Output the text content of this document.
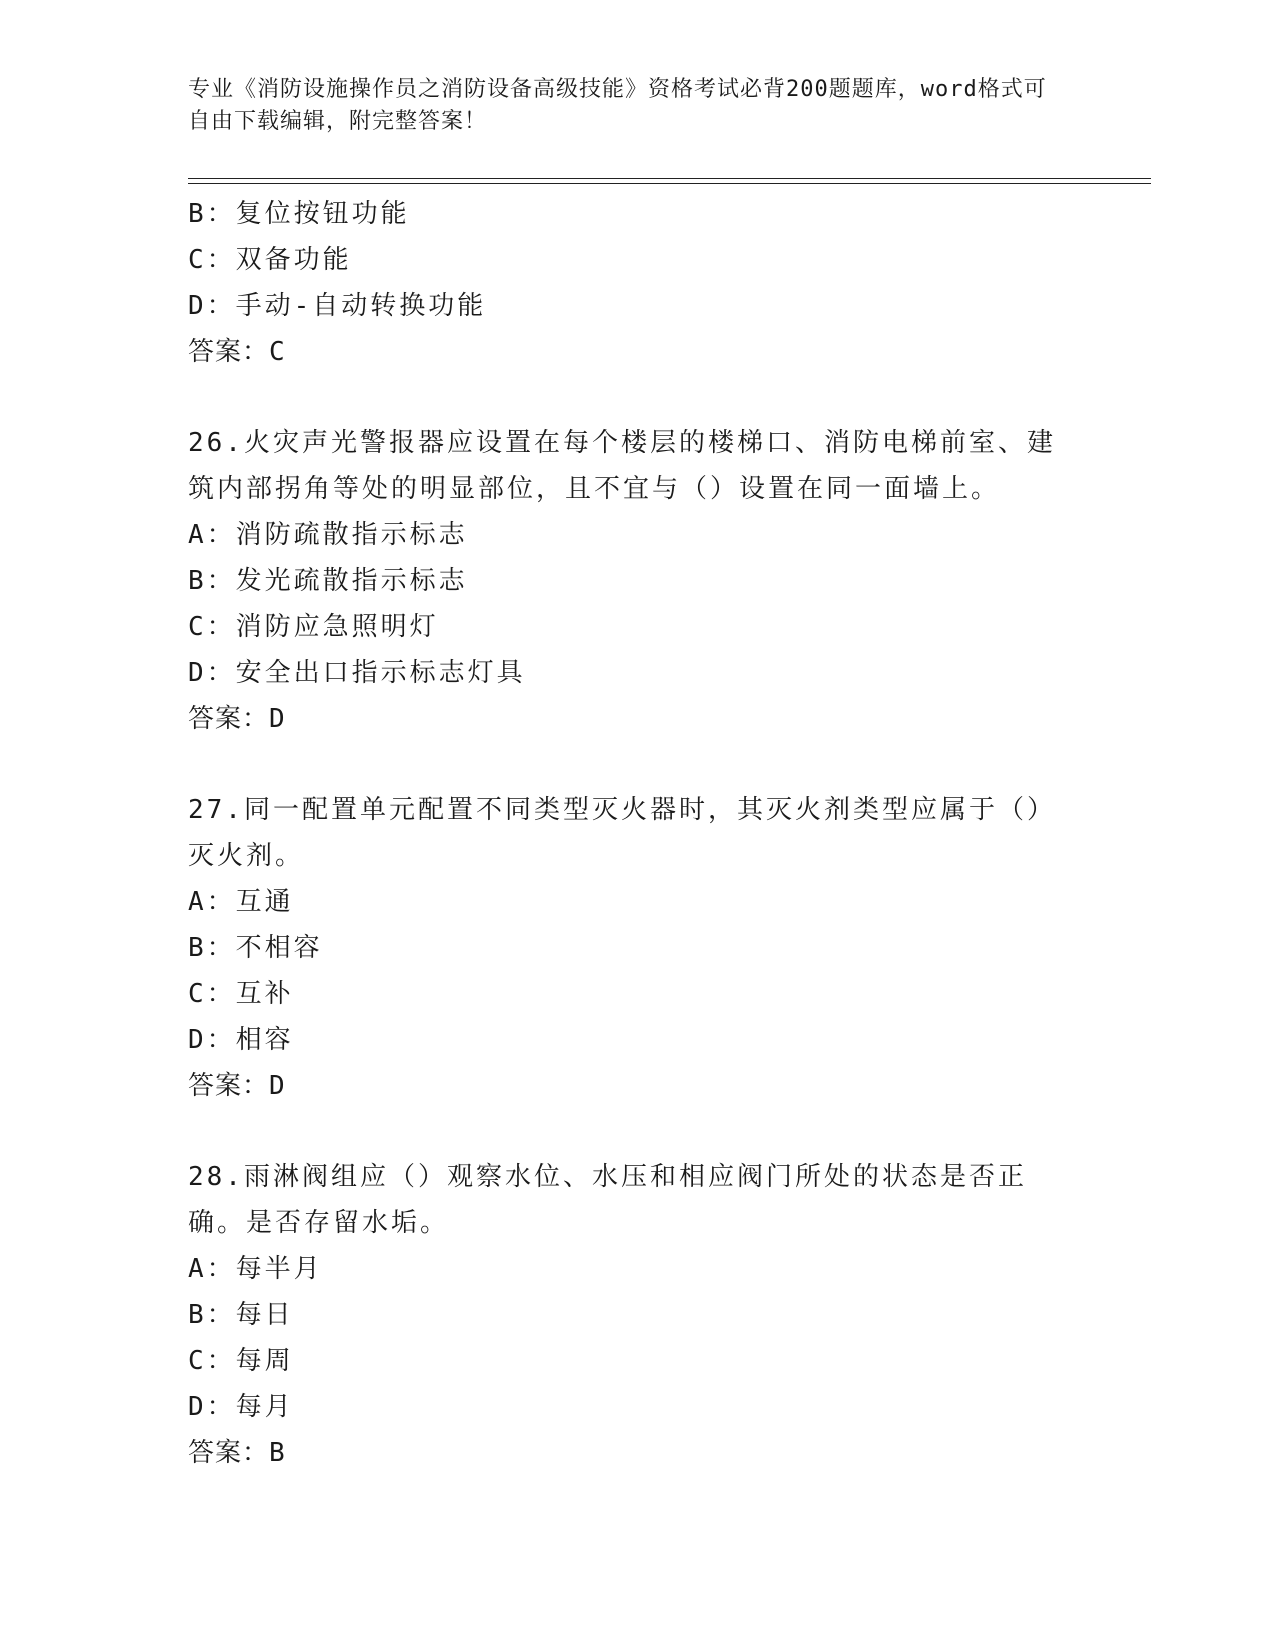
专业《消防设施操作员之消防设备高级技能》资格考试必背200题题库，word格式可自由下载编辑，附完整答案！
B：复位按钮功能
C：双备功能
D：手动-自动转换功能
答案：C
26.火灾声光警报器应设置在每个楼层的楼梯口、消防电梯前室、建筑内部拐角等处的明显部位，且不宜与（）设置在同一面墙上。
A：消防疏散指示标志
B：发光疏散指示标志
C：消防应急照明灯
D：安全出口指示标志灯具
答案：D
27.同一配置单元配置不同类型灭火器时，其灭火剂类型应属于（）灭火剂。
A：互通
B：不相容
C：互补
D：相容
答案：D
28.雨淋阀组应（）观察水位、水压和相应阀门所处的状态是否正确。是否存留水垢。
A：每半月
B：每日
C：每周
D：每月
答案：B
